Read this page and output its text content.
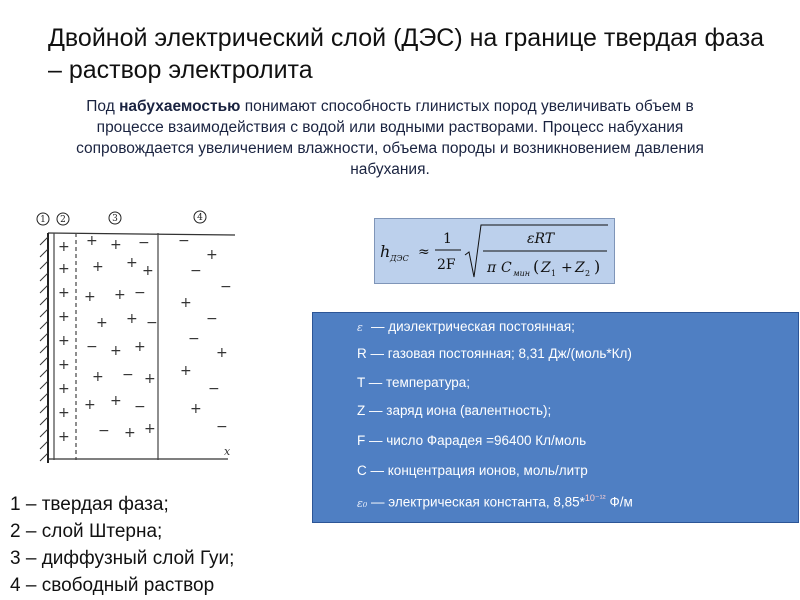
Двойной электрический слой (ДЭС) на границе твердая фаза – раствор электролита
Под набухаемостью понимают способность глинистых пород увеличивать объем в процессе взаимодействия с водой или водными растворами. Процесс набухания сопровождается увеличением влажности, объема породы и возникновением давления набухания.
1 2	3	4
+
+
+
+
+
+
+
+
+
+ + −
+ + +
+ + −
+ + −
− + +
+ − +
+ + −
− + +
−
+
−
−
+
−
−
+
+
−
+
−
x
h ДЭС ≈
1
2F
εRT
π C мин ( Z 1 + Z 2 )
ε — диэлектрическая постоянная;
R — газовая постоянная; 8,31 Дж/(моль*Кл)
T — температура;
Z — заряд иона (валентность);
F — число Фарадея =96400 Кл/моль
C — концентрация ионов, моль/литр
ε₀ — электрическая константа, 8,85*$^{10^{-12}}$ Ф/м
1 – твердая фаза;
2 – слой Штерна;
3 – диффузный слой Гуи;
4 – свободный раствор
